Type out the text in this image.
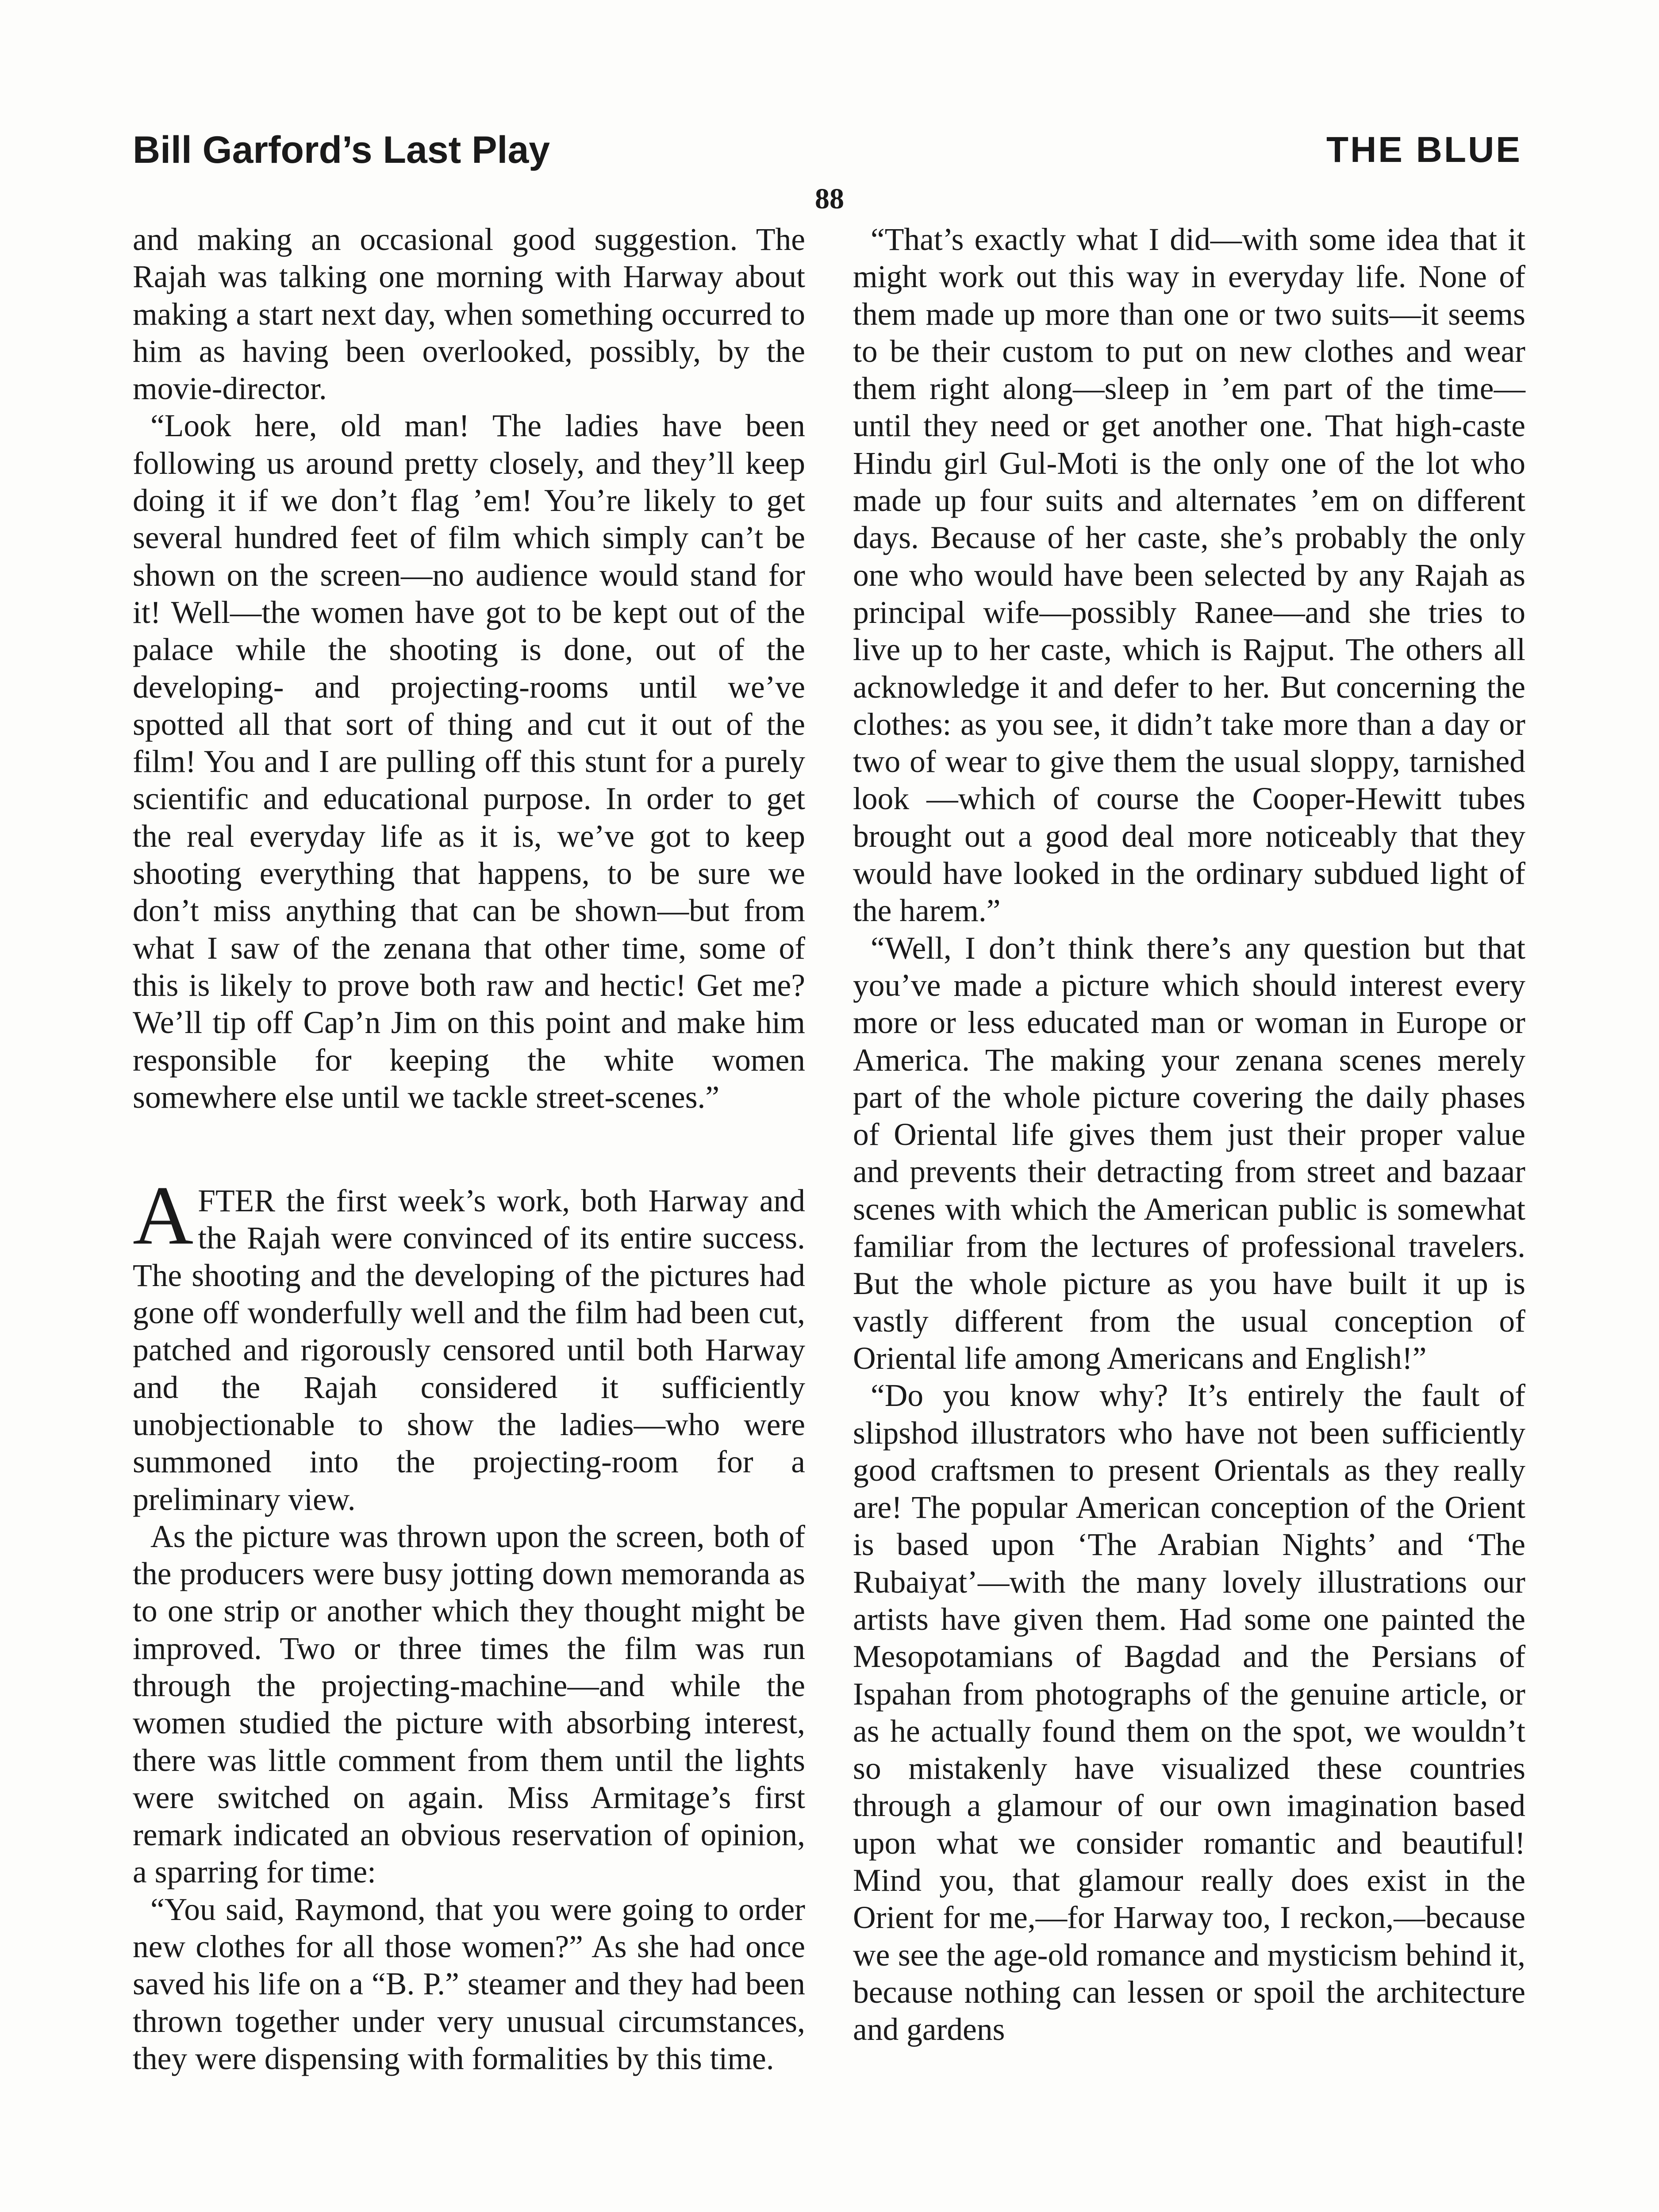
Bill Garford’s Last Play	THE BLUE
88

and making an occasional good suggestion. The Rajah was talking one morning with Harway about making a start next day, when something occurred to him as having been overlooked, possibly, by the movie-director.

“Look here, old man! The ladies have been following us around pretty closely, and they’ll keep doing it if we don’t flag ’em! You’re likely to get several hundred feet of film which simply can’t be shown on the screen—no audience would stand for it! Well—the women have got to be kept out of the palace while the shooting is done, out of the developing- and projecting-rooms until we’ve spotted all that sort of thing and cut it out of the film! You and I are pulling off this stunt for a purely scientific and educational purpose. In order to get the real everyday life as it is, we’ve got to keep shooting everything that happens, to be sure we don’t miss anything that can be shown—but from what I saw of the zenana that other time, some of this is likely to prove both raw and hectic! Get me? We’ll tip off Cap’n Jim on this point and make him responsible for keeping the white women somewhere else until we tackle street-scenes.”

AFTER the first week’s work, both Harway and the Rajah were convinced of its entire success. The shooting and the developing of the pictures had gone off wonderfully well and the film had been cut, patched and rigorously censored until both Harway and the Rajah considered it sufficiently unobjectionable to show the ladies—who were summoned into the projecting-room for a preliminary view.

As the picture was thrown upon the screen, both of the producers were busy jotting down memoranda as to one strip or another which they thought might be improved. Two or three times the film was run through the projecting-machine—and while the women studied the picture with absorbing interest, there was little comment from them until the lights were switched on again. Miss Armitage’s first remark indicated an obvious reservation of opinion, a sparring for time:

“You said, Raymond, that you were going to order new clothes for all those women?” As she had once saved his life on a “B. P.” steamer and they had been thrown together under very unusual circumstances, they were dispensing with formalities by this time.

“That’s exactly what I did—with some idea that it might work out this way in everyday life. None of them made up more than one or two suits—it seems to be their custom to put on new clothes and wear them right along—sleep in ’em part of the time—until they need or get another one. That high-caste Hindu girl Gul-Moti is the only one of the lot who made up four suits and alternates ’em on different days. Because of her caste, she’s probably the only one who would have been selected by any Rajah as principal wife—possibly Ranee—and she tries to live up to her caste, which is Rajput. The others all acknowledge it and defer to her. But concerning the clothes: as you see, it didn’t take more than a day or two of wear to give them the usual sloppy, tarnished look —which of course the Cooper-Hewitt tubes brought out a good deal more noticeably that they would have looked in the ordinary subdued light of the harem.”

“Well, I don’t think there’s any question but that you’ve made a picture which should interest every more or less educated man or woman in Europe or America. The making your zenana scenes merely part of the whole picture covering the daily phases of Oriental life gives them just their proper value and prevents their detracting from street and bazaar scenes with which the American public is somewhat familiar from the lectures of professional travelers. But the whole picture as you have built it up is vastly different from the usual conception of Oriental life among Americans and English!”

“Do you know why? It’s entirely the fault of slipshod illustrators who have not been sufficiently good craftsmen to present Orientals as they really are! The popular American conception of the Orient is based upon ‘The Arabian Nights’ and ‘The Rubaiyat’—with the many lovely illustrations our artists have given them. Had some one painted the Mesopotamians of Bagdad and the Persians of Ispahan from photographs of the genuine article, or as he actually found them on the spot, we wouldn’t so mistakenly have visualized these countries through a glamour of our own imagination based upon what we consider romantic and beautiful! Mind you, that glamour really does exist in the Orient for me,—for Harway too, I reckon,—because we see the age-old romance and mysticism behind it, because nothing can lessen or spoil the architecture and gardens
